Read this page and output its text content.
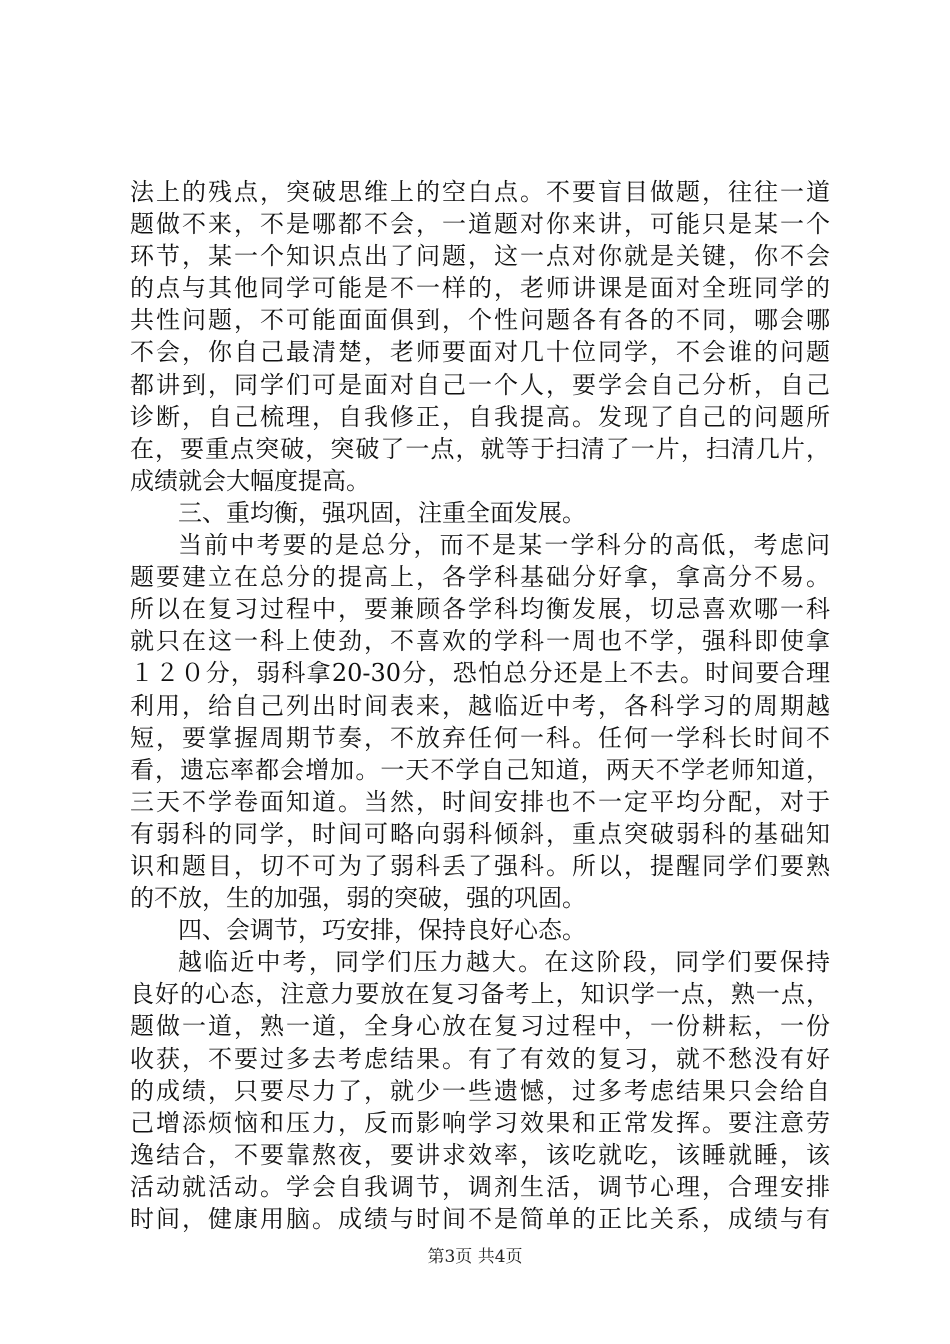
法上的残点，突破思维上的空白点。不要盲目做题，往往一道
题做不来，不是哪都不会，一道题对你来讲，可能只是某一个
环节，某一个知识点出了问题，这一点对你就是关键，你不会
的点与其他同学可能是不一样的，老师讲课是面对全班同学的
共性问题，不可能面面俱到，个性问题各有各的不同，哪会哪
不会，你自己最清楚，老师要面对几十位同学，不会谁的问题
都讲到，同学们可是面对自己一个人，要学会自己分析，自己
诊断，自己梳理，自我修正，自我提高。发现了自己的问题所
在，要重点突破，突破了一点，就等于扫清了一片，扫清几片，
成绩就会大幅度提高。
三、重均衡，强巩固，注重全面发展。
当前中考要的是总分，而不是某一学科分的高低，考虑问
题要建立在总分的提高上，各学科基础分好拿，拿高分不易。
所以在复习过程中，要兼顾各学科均衡发展，切忌喜欢哪一科
就只在这一科上使劲，不喜欢的学科一周也不学，强科即使拿
１２０分，弱科拿20-30分，恐怕总分还是上不去。时间要合理
利用，给自己列出时间表来，越临近中考，各科学习的周期越
短，要掌握周期节奏，不放弃任何一科。任何一学科长时间不
看，遗忘率都会增加。一天不学自己知道，两天不学老师知道，
三天不学卷面知道。当然，时间安排也不一定平均分配，对于
有弱科的同学，时间可略向弱科倾斜，重点突破弱科的基础知
识和题目，切不可为了弱科丢了强科。所以，提醒同学们要熟
的不放，生的加强，弱的突破，强的巩固。
四、会调节，巧安排，保持良好心态。
越临近中考，同学们压力越大。在这阶段，同学们要保持
良好的心态，注意力要放在复习备考上，知识学一点，熟一点，
题做一道，熟一道，全身心放在复习过程中，一份耕耘，一份
收获，不要过多去考虑结果。有了有效的复习，就不愁没有好
的成绩，只要尽力了，就少一些遗憾，过多考虑结果只会给自
己增添烦恼和压力，反而影响学习效果和正常发挥。要注意劳
逸结合，不要靠熬夜，要讲求效率，该吃就吃，该睡就睡，该
活动就活动。学会自我调节，调剂生活，调节心理，合理安排
时间，健康用脑。成绩与时间不是简单的正比关系，成绩与有
第3页 共4页
